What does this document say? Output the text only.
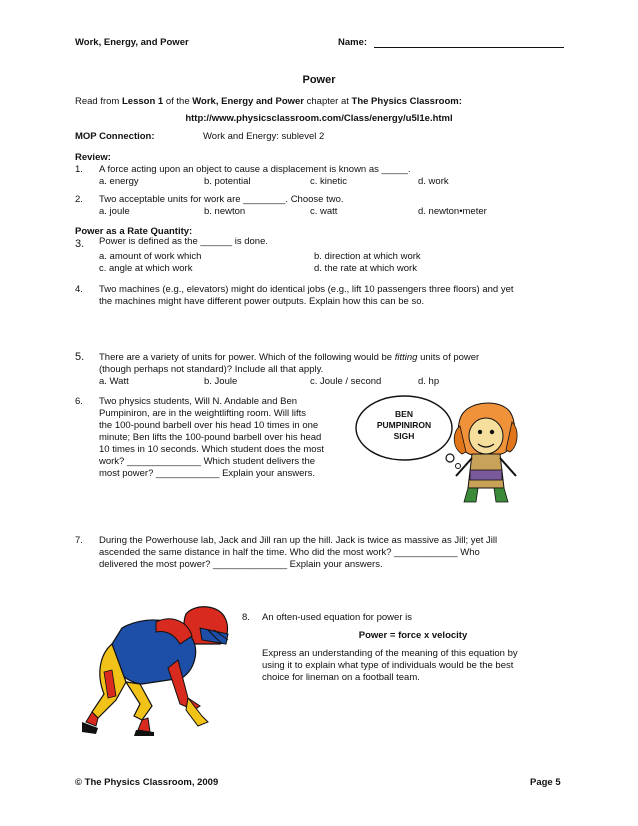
Work, Energy, and Power	Name:
Power
Read from Lesson 1 of the Work, Energy and Power chapter at The Physics Classroom:
http://www.physicsclassroom.com/Class/energy/u5l1e.html
MOP Connection:	Work and Energy: sublevel 2
Review:
1. A force acting upon an object to cause a displacement is known as _____.
a. energy	b. potential	c. kinetic	d. work
2. Two acceptable units for work are ________. Choose two.
a. joule	b. newton	c. watt	d. newton•meter
Power as a Rate Quantity:
3. Power is defined as the ______ is done.
a. amount of work which	b. direction at which work
c. angle at which work	d. the rate at which work
4. Two machines (e.g., elevators) might do identical jobs (e.g., lift 10 passengers three floors) and yet
the machines might have different power outputs. Explain how this can be so.
5. There are a variety of units for power. Which of the following would be fitting units of power
(though perhaps not standard)? Include all that apply.
a. Watt	b. Joule	c. Joule / second	d. hp
6. Two physics students, Will N. Andable and Ben
Pumpiniron, are in the weightlifting room. Will lifts
the 100-pound barbell over his head 10 times in one
minute; Ben lifts the 100-pound barbell over his head
10 times in 10 seconds. Which student does the most
work? ______________ Which student delivers the
most power? ____________ Explain your answers.
BEN
PUMPINIRON
SIGH
7. During the Powerhouse lab, Jack and Jill ran up the hill. Jack is twice as massive as Jill; yet Jill
ascended the same distance in half the time. Who did the most work? ____________ Who
delivered the most power? ______________ Explain your answers.
8. An often-used equation for power is
Power = force x velocity
Express an understanding of the meaning of this equation by
using it to explain what type of individuals would be the best
choice for lineman on a football team.
© The Physics Classroom, 2009	Page 5
